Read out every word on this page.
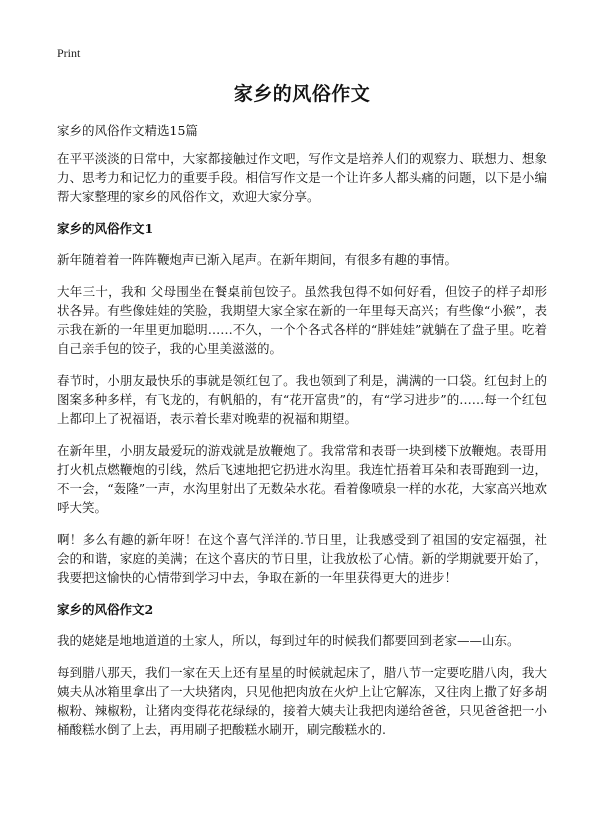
Print
家乡的风俗作文
家乡的风俗作文精选15篇

在平平淡淡的日常中，大家都接触过作文吧，写作文是培养人们的观察力、联想力、想象力、思考力和记忆力的重要手段。相信写作文是一个让许多人都头痛的问题，以下是小编帮大家整理的家乡的风俗作文，欢迎大家分享。

家乡的风俗作文1

新年随着着一阵阵鞭炮声已渐入尾声。在新年期间，有很多有趣的事情。

大年三十，我和 父母围坐在餐桌前包饺子。虽然我包得不如何好看，但饺子的样子却形状各异。有些像娃娃的笑脸，我期望大家全家在新的一年里每天高兴；有些像“小猴”，表示我在新的一年里更加聪明……不久，一个个各式各样的“胖娃娃”就躺在了盘子里。吃着自己亲手包的饺子，我的心里美滋滋的。

春节时，小朋友最快乐的事就是领红包了。我也领到了利是，满满的一口袋。红包封上的图案多种多样，有飞龙的，有帆船的，有“花开富贵”的，有“学习进步”的……每一个红包上都印上了祝福语，表示着长辈对晚辈的祝福和期望。

在新年里，小朋友最爱玩的游戏就是放鞭炮了。我常常和表哥一块到楼下放鞭炮。表哥用打火机点燃鞭炮的引线，然后飞速地把它扔进水沟里。我连忙捂着耳朵和表哥跑到一边，不一会，“轰隆”一声，水沟里射出了无数朵水花。看着像喷泉一样的水花，大家高兴地欢呼大笑。

啊！多么有趣的新年呀！在这个喜气洋洋的.节日里，让我感受到了祖国的安定福强，社会的和谐，家庭的美满；在这个喜庆的节日里，让我放松了心情。新的学期就要开始了，我要把这愉快的心情带到学习中去，争取在新的一年里获得更大的进步！

家乡的风俗作文2

我的姥姥是地地道道的土家人，所以，每到过年的时候我们都要回到老家——山东。

每到腊八那天，我们一家在天上还有星星的时候就起床了，腊八节一定要吃腊八肉，我大姨夫从冰箱里拿出了一大块猪肉，只见他把肉放在火炉上让它解冻，又往肉上撒了好多胡椒粉、辣椒粉，让猪肉变得花花绿绿的，接着大姨夫让我把肉递给爸爸，只见爸爸把一小桶酸糕水倒了上去，再用刷子把酸糕水刷开，刷完酸糕水的.
